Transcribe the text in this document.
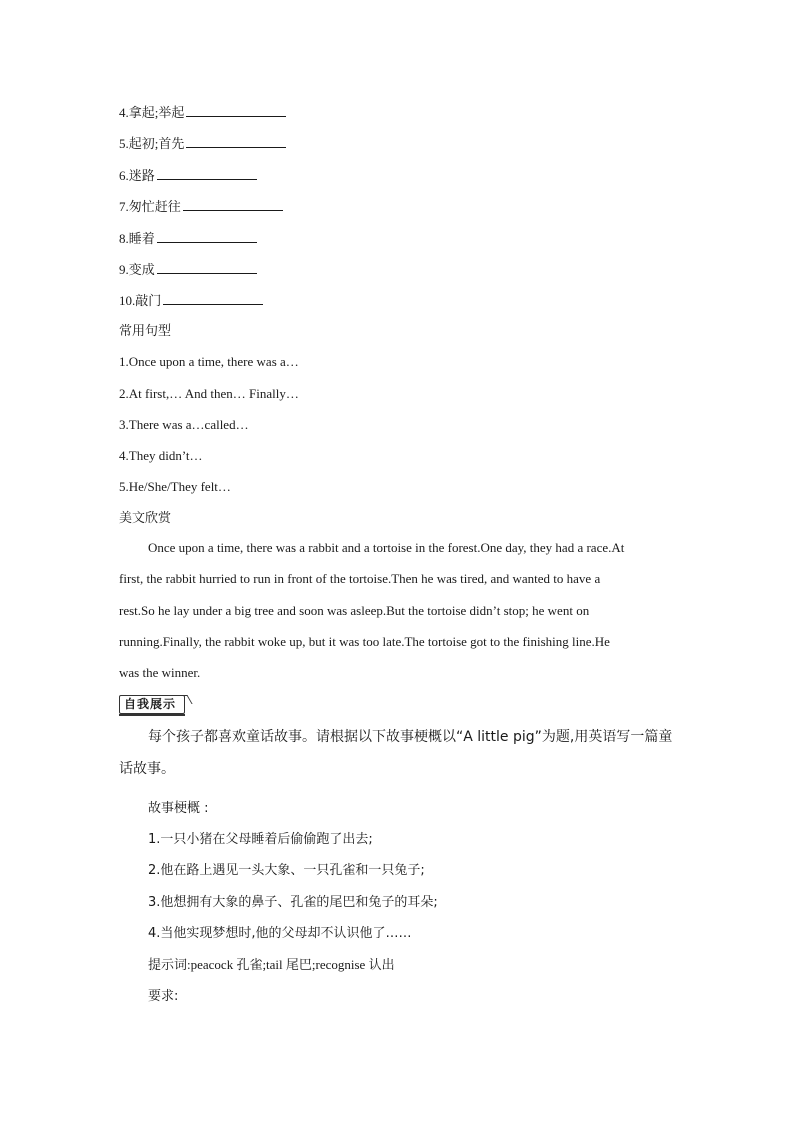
4.拿起;举起
5.起初;首先
6.迷路
7.匆忙赶往
8.睡着
9.变成
10.敲门
常用句型
1.Once upon a time, there was a…
2.At first,… And then… Finally…
3.There was a…called…
4.They didn’t…
5.He/She/They felt…
美文欣赏
Once upon a time, there was a rabbit and a tortoise in the forest.One day, they had a race.At
first, the rabbit hurried to run in front of the tortoise.Then he was tired, and wanted to have a
rest.So he lay under a big tree and soon was asleep.But the tortoise didn’t stop; he went on
running.Finally, the rabbit woke up, but it was too late.The tortoise got to the finishing line.He
was the winner.
自我展示
每个孩子都喜欢童话故事。请根据以下故事梗概以“A little pig”为题,用英语写一篇童
话故事。
故事梗概 :
1.一只小猪在父母睡着后偷偷跑了出去;
2.他在路上遇见一头大象、一只孔雀和一只兔子;
3.他想拥有大象的鼻子、孔雀的尾巴和兔子的耳朵;
4.当他实现梦想时,他的父母却不认识他了……
提示词:peacock 孔雀;tail 尾巴;recognise 认出
要求:
